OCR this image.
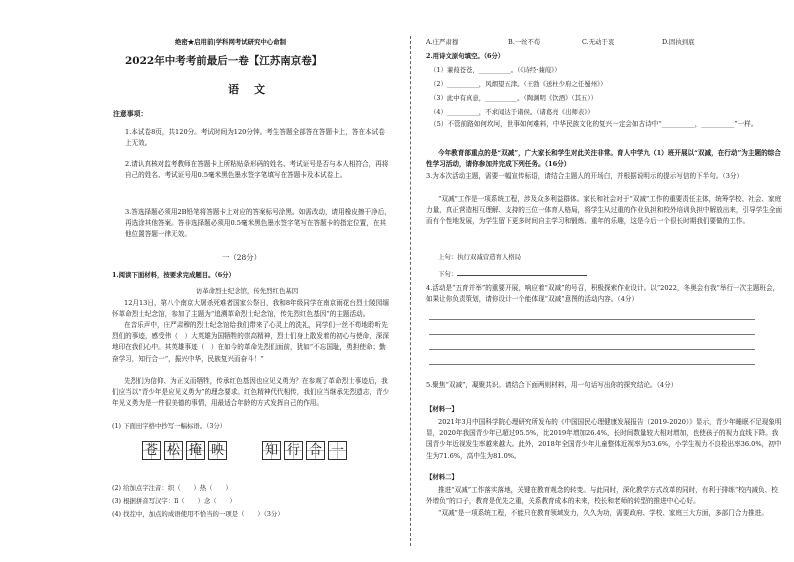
绝密★启用前|学科网考试研究中心命制
2022年中考考前最后一卷【江苏南京卷】
语　文
注意事项：
1.本试卷8页，共120分。考试时间为120分钟。考生答题全部答在答题卡上，答在本试卷上无效。
2.请认真核对监考教师在答题卡上所粘贴条形码的姓名、考试证号是否与本人相符合，再将自己的姓名、考试证号用0.5毫米黑色墨水签字笔填写在答题卡及本试卷上。
3.答选择题必须用2B铅笔将答题卡上对应的答案标号涂黑。如需改动，请用橡皮擦干净后，再选涂其他答案。答非选择题必须用0.5毫米黑色墨水签字笔写在答题卡的指定位置，在其他位置答题一律无效。
一（28分）
1.阅读下面材料，按要求完成题目。（6分）
访革命烈士纪念馆，传先烈红色基因
12月13日，第八个南京大屠杀死难者国家公祭日，我和8年级同学在南京雨花台烈士陵园缅怀革命烈士纪念馆，参加了主题为“追溯革命烈士纪念馆，传先烈红色基因”的主题活动。
在音乐声中，庄严肃穆的烈士纪念馆给我们带来了心灵上的洗礼，同学们一丝不苟地聆听先烈们的事迹，感受伟（　）大英雄为国牺牲的崇高精神，烈士们身上散发着的初心与使命，深深地印在我们心中。其英雄事迹（　）在如今的革命先烈们面前，犹如“不忘国耻，勇担使命；勤奋学习，知行合一”，振兴中华，民族复兴而奋斗！”
先烈们为信仰、为正义而牺牲，传承红色基因也应见义勇为？在参观了革命烈士事迹后，我们应当以“青少年是应见义勇为”的理念要求。红色精神代代相传，我们应当继承先烈遗志，青少年见义勇为是一件很美德的事情，用最适合年龄的方式发挥自己的作用。
(1) 下面田字格中抄写一幅标语。（3分）
苍 松 掩 映	知 行 合 一
(2) 给加点字注音：织（　　）热（　　）
(3) 根据拼音写汉字：lǐ（　　）念（　　）
(4) 找茬中，加点的成语使用不恰当的一项是（　　）（3分）
A.庄严肃穆	B.一丝不苟	C.无动于衷	D.固执到底
2.用诗文原句填空。（6分）
（1）蒹葭苍苍，__________。（《诗经·蒹葭》）
（2）__________，风烟望五津。（王勃《送杜少府之任蜀州》）
（3）此中有真意，__________。（陶渊明《饮酒》（其五））
（4）__________，不求闻达于诸侯。（诸葛亮《出师表》）
（5）不管前路如何坎坷，世事如何难料，中华民族文化的复兴一定会如古诗中“__________，__________”一样。
今年教育部重点的是“双减”，广大家长和学生对此关注非常。育人中学九（1）班开展以“双减，在行动”为主题的综合性学习活动，请你参加并完成下列任务。（16分）
3.为本次活动主题，需要一幅宣传标语，请结合主题人的开场白，并根据说明示的提示写信的下半句。（3分）
“双减”工作是一项系统工程，涉及众多利益群体。家长和社会对于“双减”工作的重要责任主体，统筹学校、社会、家庭力量，真正营造相互理解、支持的三位一体育人格局，将学生从过重的作业负担和校外培训负担中解放出来，引导学生全面而有个性地发展，为学生留下更多时间自主学习和锻炼、重年的乐趣，这是今后一个很长时期我们要做的工作。
上句：执行双减营造育人格局
下句：
4.活动是“五育并举”的重要开展，响应着“双减”的号召，积极探索作业设计。以“2022，冬奥会有我”举行一次主题班会，如果让你负责策划，请你设计一个能体现“双减”意图的活动内容。（4分）
5.聚焦“双减”，凝聚共识。请结合下面两则材料，用一句话写出你的探究结论。（4分）
【材料一】
2021年3月中国科学院心理研究所发布的《中国国民心理健康发展报告（2019-2020）》显示，青少年睡眠不足现象明显，2020年我国青少年已超过95.5%，比2019年增加26.4%，长时间数量较大相对增加，也使孩子的视力直线下降。我国青少年近视发生率越来越大。此外，2018年全国青少年儿童整体近视率为53.6%，小学生视力不良检出率36.0%，初中生为71.6%，高中生为81.0%。
【材料二】
推进“双减”工作落实落地，关键在教育观念的转变。与此同时，深化教学方式改革的同时，有利于排练“校内减负、校外增负”的口子，教育是优先之重，关系教育成本的未来，校长和老师的转型的推进中心心好。
“双减”是一项系统工程，不能只在教育领域发力，久久为功，需要政府、学校、家庭三大方面，多部门合力推进。
